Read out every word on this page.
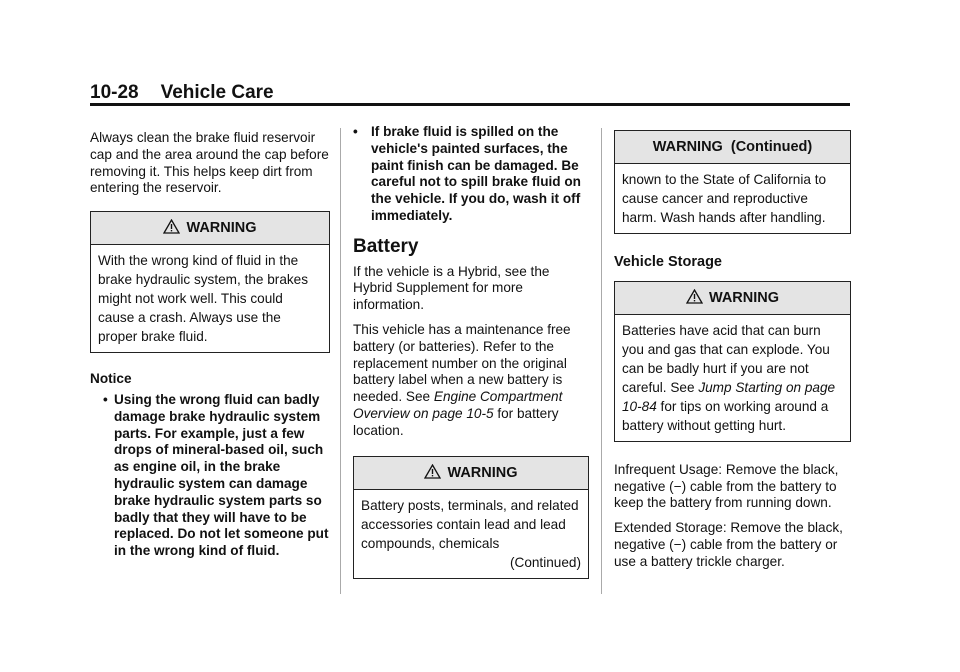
10-28 Vehicle Care

Always clean the brake fluid reservoir cap and the area around the cap before removing it. This helps keep dirt from entering the reservoir.

WARNING
With the wrong kind of fluid in the brake hydraulic system, the brakes might not work well. This could cause a crash. Always use the proper brake fluid.
Notice
• Using the wrong fluid can badly damage brake hydraulic system parts. For example, just a few drops of mineral-based oil, such as engine oil, in the brake hydraulic system can damage brake hydraulic system parts so badly that they will have to be replaced. Do not let someone put in the wrong kind of fluid.
• If brake fluid is spilled on the vehicle's painted surfaces, the paint finish can be damaged. Be careful not to spill brake fluid on the vehicle. If you do, wash it off immediately.
Battery

If the vehicle is a Hybrid, see the Hybrid Supplement for more information.

This vehicle has a maintenance free battery (or batteries). Refer to the replacement number on the original battery label when a new battery is needed. See Engine Compartment Overview on page 10-5 for battery location.

WARNING
Battery posts, terminals, and related accessories contain lead and lead compounds, chemicals
(Continued)
WARNING  (Continued)
known to the State of California to cause cancer and reproductive harm. Wash hands after handling.
Vehicle Storage
WARNING
Batteries have acid that can burn you and gas that can explode. You can be badly hurt if you are not careful. See Jump Starting on page 10-84 for tips on working around a battery without getting hurt.

Infrequent Usage: Remove the black, negative (−) cable from the battery to keep the battery from running down.

Extended Storage: Remove the black, negative (−) cable from the battery or use a battery trickle charger.
